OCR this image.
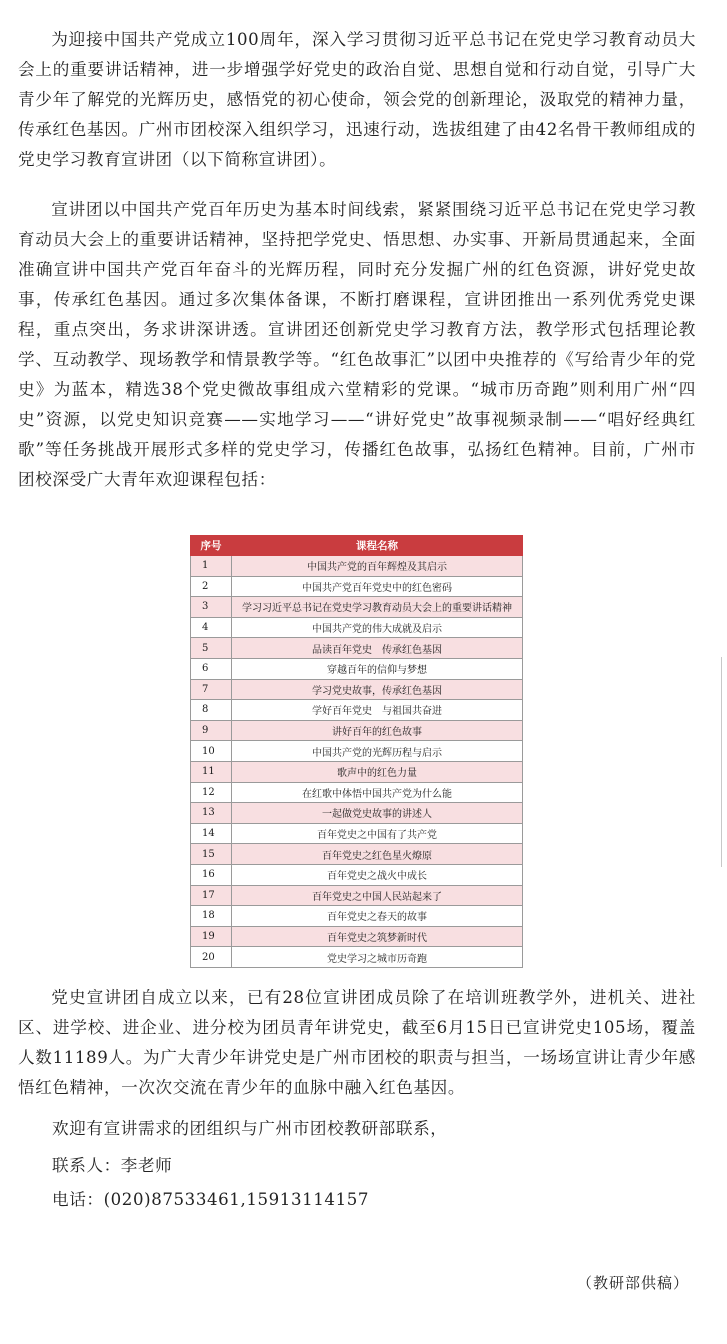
为迎接中国共产党成立100周年，深入学习贯彻习近平总书记在党史学习教育动员大会上的重要讲话精神，进一步增强学好党史的政治自觉、思想自觉和行动自觉，引导广大青少年了解党的光辉历史，感悟党的初心使命，领会党的创新理论，汲取党的精神力量，传承红色基因。广州市团校深入组织学习，迅速行动，选拔组建了由42名骨干教师组成的党史学习教育宣讲团（以下简称宣讲团）。

宣讲团以中国共产党百年历史为基本时间线索，紧紧围绕习近平总书记在党史学习教育动员大会上的重要讲话精神，坚持把学党史、悟思想、办实事、开新局贯通起来，全面准确宣讲中国共产党百年奋斗的光辉历程，同时充分发掘广州的红色资源，讲好党史故事，传承红色基因。通过多次集体备课，不断打磨课程，宣讲团推出一系列优秀党史课程，重点突出，务求讲深讲透。宣讲团还创新党史学习教育方法，教学形式包括理论教学、互动教学、现场教学和情景教学等。“红色故事汇”以团中央推荐的《写给青少年的党史》为蓝本，精选38个党史微故事组成六堂精彩的党课。“城市历奇跑”则利用广州“四史”资源，以党史知识竞赛——实地学习——“讲好党史”故事视频录制——“唱好经典红歌”等任务挑战开展形式多样的党史学习，传播红色故事，弘扬红色精神。目前，广州市团校深受广大青年欢迎课程包括：

序号	课程名称
1	中国共产党的百年辉煌及其启示
2	中国共产党百年党史中的红色密码
3	学习习近平总书记在党史学习教育动员大会上的重要讲话精神
4	中国共产党的伟大成就及启示
5	品读百年党史　传承红色基因
6	穿越百年的信仰与梦想
7	学习党史故事，传承红色基因
8	学好百年党史　与祖国共奋进
9	讲好百年的红色故事
10	中国共产党的光辉历程与启示
11	歌声中的红色力量
12	在红歌中体悟中国共产党为什么能
13	一起做党史故事的讲述人
14	百年党史之中国有了共产党
15	百年党史之红色星火燎原
16	百年党史之战火中成长
17	百年党史之中国人民站起来了
18	百年党史之春天的故事
19	百年党史之筑梦新时代
20	党史学习之城市历奇跑

党史宣讲团自成立以来，已有28位宣讲团成员除了在培训班教学外，进机关、进社区、进学校、进企业、进分校为团员青年讲党史，截至6月15日已宣讲党史105场，覆盖人数11189人。为广大青少年讲党史是广州市团校的职责与担当，一场场宣讲让青少年感悟红色精神，一次次交流在青少年的血脉中融入红色基因。

欢迎有宣讲需求的团组织与广州市团校教研部联系，

联系人：李老师

电话：(020)87533461,15913114157

（教研部供稿）
